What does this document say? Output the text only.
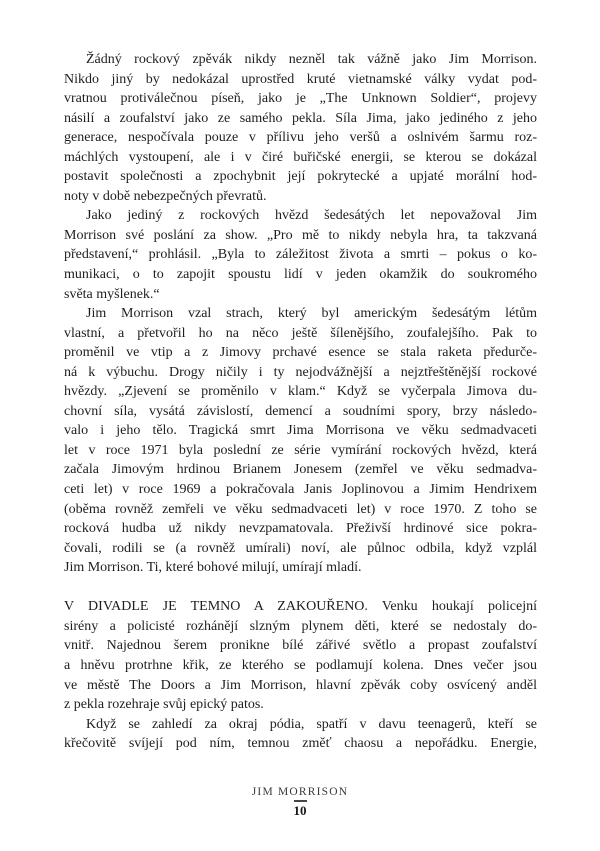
Žádný rockový zpěvák nikdy nezněl tak vážně jako Jim Morrison.
Nikdo jiný by nedokázal uprostřed kruté vietnamské války vydat pod-
vratnou protiválečnou píseň, jako je „The Unknown Soldier“, projevy
násilí a zoufalství jako ze samého pekla. Síla Jima, jako jediného z jeho
generace, nespočívala pouze v přílivu jeho veršů a oslnivém šarmu roz-
máchlých vystoupení, ale i v čiré buřičské energii, se kterou se dokázal
postavit společnosti a zpochybnit její pokrytecké a upjaté morální hod-
noty v době nebezpečných převratů.

Jako jediný z rockových hvězd šedesátých let nepovažoval Jim
Morrison své poslání za show. „Pro mě to nikdy nebyla hra, ta takzvaná
představení,“ prohlásil. „Byla to záležitost života a smrti – pokus o ko-
munikaci, o to zapojit spoustu lidí v jeden okamžik do soukromého
světa myšlenek.“

Jim Morrison vzal strach, který byl americkým šedesátým létům
vlastní, a přetvořil ho na něco ještě šílenějšího, zoufalejšího. Pak to
proměnil ve vtip a z Jimovy prchavé esence se stala raketa předurče-
ná k výbuchu. Drogy ničily i ty nejodvážnější a nejztřeštěnější rockové
hvězdy. „Zjevení se proměnilo v klam.“ Když se vyčerpala Jimova du-
chovní síla, vysátá závislostí, demencí a soudními spory, brzy následo-
valo i jeho tělo. Tragická smrt Jima Morrisona ve věku sedmadvaceti
let v roce 1971 byla poslední ze série vymírání rockových hvězd, která
začala Jimovým hrdinou Brianem Jonesem (zemřel ve věku sedmadva-
ceti let) v roce 1969 a pokračovala Janis Joplinovou a Jimim Hendrixem
(oběma rovněž zemřeli ve věku sedmadvaceti let) v roce 1970. Z toho se
rocková hudba už nikdy nevzpamatovala. Přeživší hrdinové sice pokra-
čovali, rodili se (a rovněž umírali) noví, ale půlnoc odbila, když vzplál
Jim Morrison. Ti, které bohové milují, umírají mladí.

V DIVADLE JE TEMNO A ZAKOUŘENO. Venku houkají policejní
sirény a policisté rozhánějí slzným plynem děti, které se nedostaly do-
vnitř. Najednou šerem pronikne bílé zářivé světlo a propast zoufalství
a hněvu protrhne křik, ze kterého se podlamují kolena. Dnes večer jsou
ve městě The Doors a Jim Morrison, hlavní zpěvák coby osvícený anděl
z pekla rozehraje svůj epický patos.

Když se zahledí za okraj pódia, spatří v davu teenagerů, kteří se
křečovitě svíjejí pod ním, temnou změť chaosu a nepořádku. Energie,

JIM MORRISON
10
